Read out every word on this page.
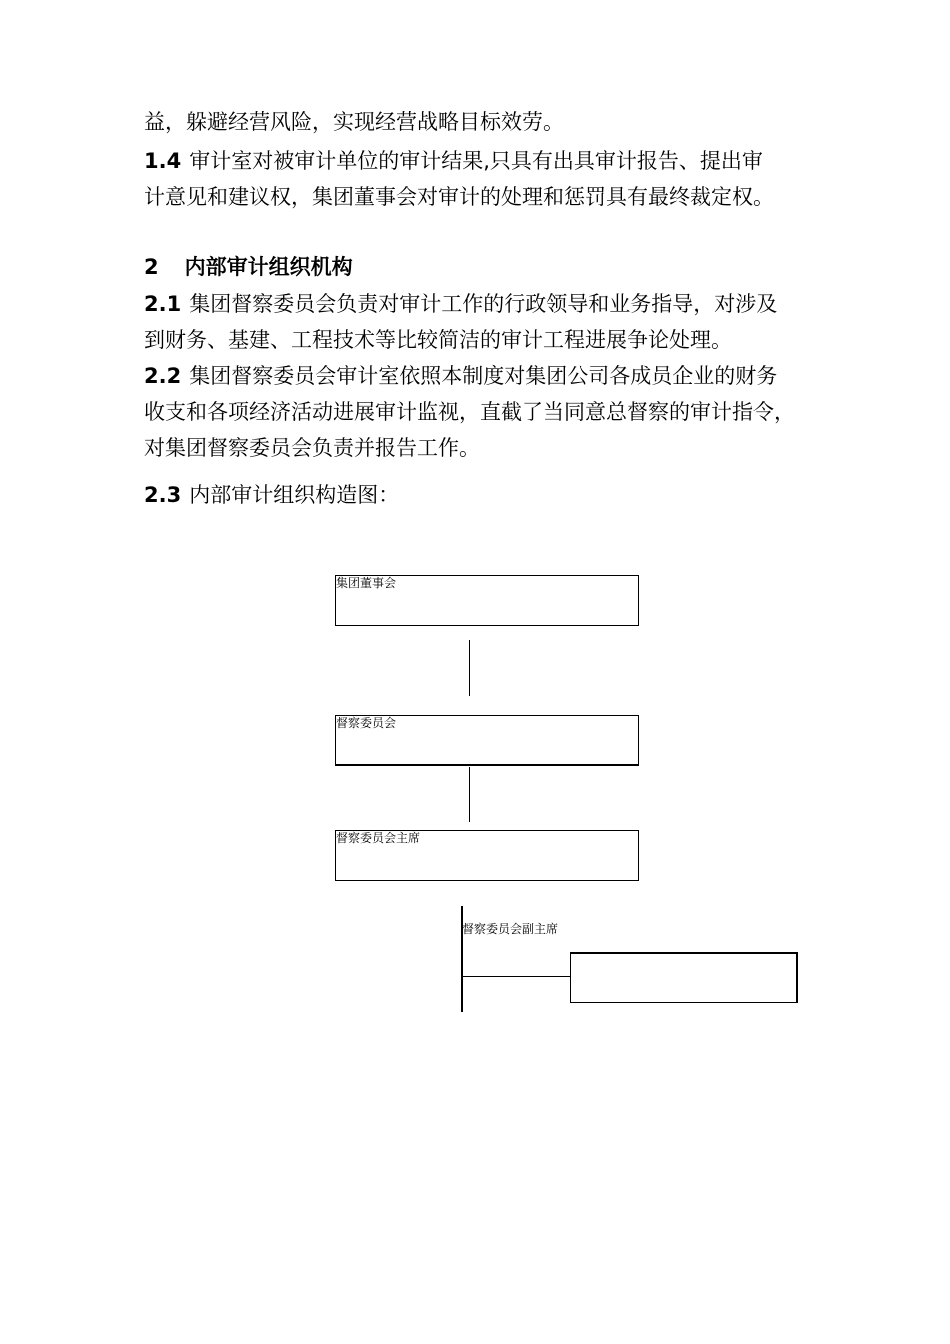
益，躲避经营风险，实现经营战略目标效劳。
1.4 审计室对被审计单位的审计结果,只具有出具审计报告、提出审
计意见和建议权，集团董事会对审计的处理和惩罚具有最终裁定权。
2 内部审计组织机构
2.1 集团督察委员会负责对审计工作的行政领导和业务指导，对涉及
到财务、基建、工程技术等比较简洁的审计工程进展争论处理。
2.2 集团督察委员会审计室依照本制度对集团公司各成员企业的财务
收支和各项经济活动进展审计监视，直截了当同意总督察的审计指令，
对集团督察委员会负责并报告工作。
2.3 内部审计组织构造图：
集团董事会
督察委员会
督察委员会主席
督察委员会副主席
